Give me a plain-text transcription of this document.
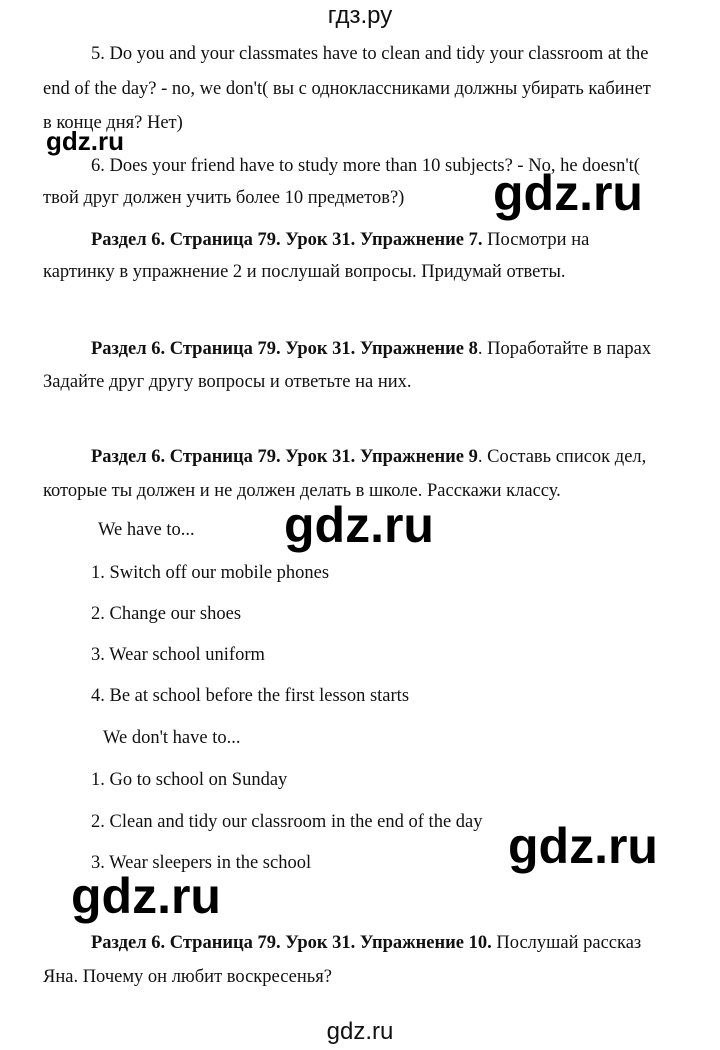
гдз.ру
5. Do you and your classmates have to clean and tidy your classroom at the
end of the day? - no, we don't( вы с одноклассниками должны убирать кабинет
в конце дня? Нет)
gdz.ru
6. Does your friend have to study more than 10 subjects? - No, he doesn't(
твой друг должен учить более 10 предметов?) gdz.ru
Раздел 6. Страница 79. Урок 31. Упражнение 7. Посмотри на
картинку в упражнение 2 и послушай вопросы. Придумай ответы.
Раздел 6. Страница 79. Урок 31. Упражнение 8. Поработайте в парах
Задайте друг другу вопросы и ответьте на них.
Раздел 6. Страница 79. Урок 31. Упражнение 9. Составь список дел,
которые ты должен и не должен делать в школе. Расскажи классу.
gdz.ru
We have to...
1. Switch off our mobile phones
2. Change our shoes
3. Wear school uniform
4. Be at school before the first lesson starts
We don't have to...
1. Go to school on Sunday
2. Clean and tidy our classroom in the end of the day
3. Wear sleepers in the school	gdz.ru
gdz.ru
Раздел 6. Страница 79. Урок 31. Упражнение 10. Послушай рассказ
Яна. Почему он любит воскресенья?
gdz.ru
